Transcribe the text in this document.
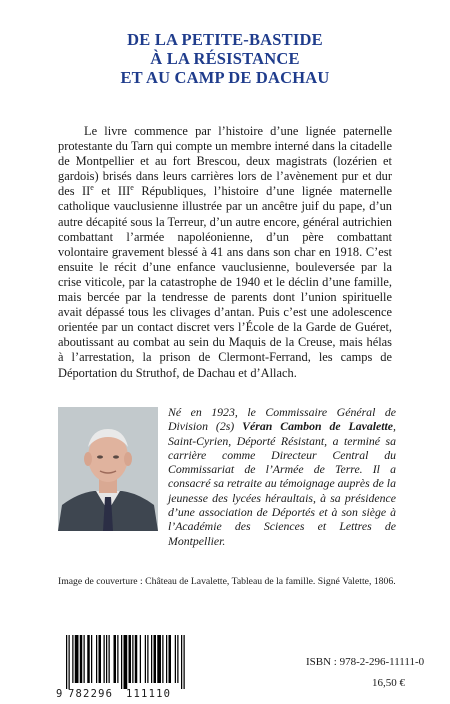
DE LA PETITE-BASTIDE
À LA RÉSISTANCE
ET AU CAMP DE DACHAU

Le livre commence par l’histoire d’une lignée paternelle protestante du Tarn qui compte un membre interné dans la citadelle de Montpellier et au fort Brescou, deux magistrats (lozérien et gardois) brisés dans leurs carrières lors de l’avènement pur et dur des IIe et IIIe Républiques, l’histoire d’une lignée maternelle catholique vauclusienne illustrée par un ancêtre juif du pape, d’un autre décapité sous la Terreur, d’un autre encore, général autrichien combattant l’armée napoléonienne, d’un père combattant volontaire gravement blessé à 41 ans dans son char en 1918. C’est ensuite le récit d’une enfance vauclusienne, bouleversée par la crise viticole, par la catastrophe de 1940 et le déclin d’une famille, mais bercée par la tendresse de parents dont l’union spirituelle avait dépassé tous les clivages d’antan. Puis c’est une adolescence orientée par un contact discret vers l’École de la Garde de Guéret, aboutissant au combat au sein du Maquis de la Creuse, mais hélas à l’arrestation, la prison de Clermont-Ferrand, les camps de Déportation du Struthof, de Dachau et d’Allach.

Né en 1923, le Commissaire Général de Division (2s) Véran Cambon de Lavalette, Saint-Cyrien, Déporté Résistant, a terminé sa carrière comme Directeur Central du Commissariat de l’Armée de Terre. Il a consacré sa retraite au témoignage auprès de la jeunesse des lycées héraultais, à sa présidence d’une association de Déportés et à son siège à l’Académie des Sciences et Lettres de Montpellier.

Image de couverture : Château de Lavalette, Tableau de la famille. Signé Valette, 1806.
9 782296 111110
ISBN : 978-2-296-11111-0
16,50 €
